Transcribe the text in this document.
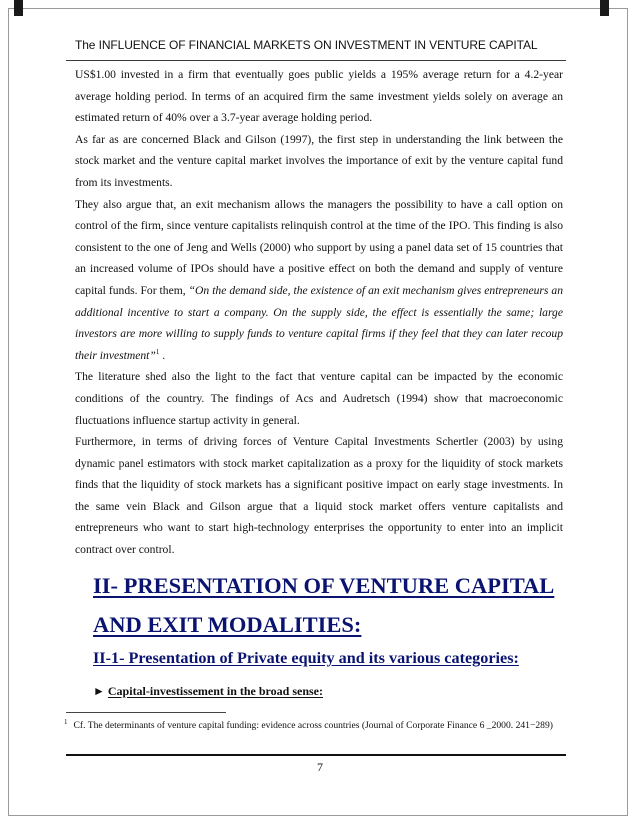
The INFLUENCE OF FINANCIAL MARKETS ON INVESTMENT IN VENTURE CAPITAL

US$1.00 invested in a firm that eventually goes public yields a 195% average return for a 4.2-year average holding period. In terms of an acquired firm the same investment yields solely on average an estimated return of 40% over a 3.7-year average holding period.

As far as are concerned Black and Gilson (1997), the first step in understanding the link between the stock market and the venture capital market involves the importance of exit by the venture capital fund from its investments.

They also argue that, an exit mechanism allows the managers the possibility to have a call option on control of the firm, since venture capitalists relinquish control at the time of the IPO. This finding is also consistent to the one of Jeng and Wells (2000) who support by using a panel data set of 15 countries that an increased volume of IPOs should have a positive effect on both the demand and supply of venture capital funds. For them, “On the demand side, the existence of an exit mechanism gives entrepreneurs an additional incentive to start a company. On the supply side, the effect is essentially the same; large investors are more willing to supply funds to venture capital firms if they feel that they can later recoup their investment”$^1$ .

The literature shed also the light to the fact that venture capital can be impacted by the economic conditions of the country. The findings of Acs and Audretsch (1994) show that macroeconomic fluctuations influence startup activity in general.

Furthermore, in terms of driving forces of Venture Capital Investments Schertler (2003) by using dynamic panel estimators with stock market capitalization as a proxy for the liquidity of stock markets finds that the liquidity of stock markets has a significant positive impact on early stage investments. In the same vein Black and Gilson argue that a liquid stock market offers venture capitalists and entrepreneurs who want to start high-technology enterprises the opportunity to enter into an implicit contract over control.

II- PRESENTATION OF VENTURE CAPITAL
AND EXIT MODALITIES:
II-1- Presentation of Private equity and its various categories:
► Capital-investissement in the broad sense:
$^1$ Cf. The determinants of venture capital funding: evidence across countries (Journal of Corporate Finance 6 _2000. 241−289)
7
